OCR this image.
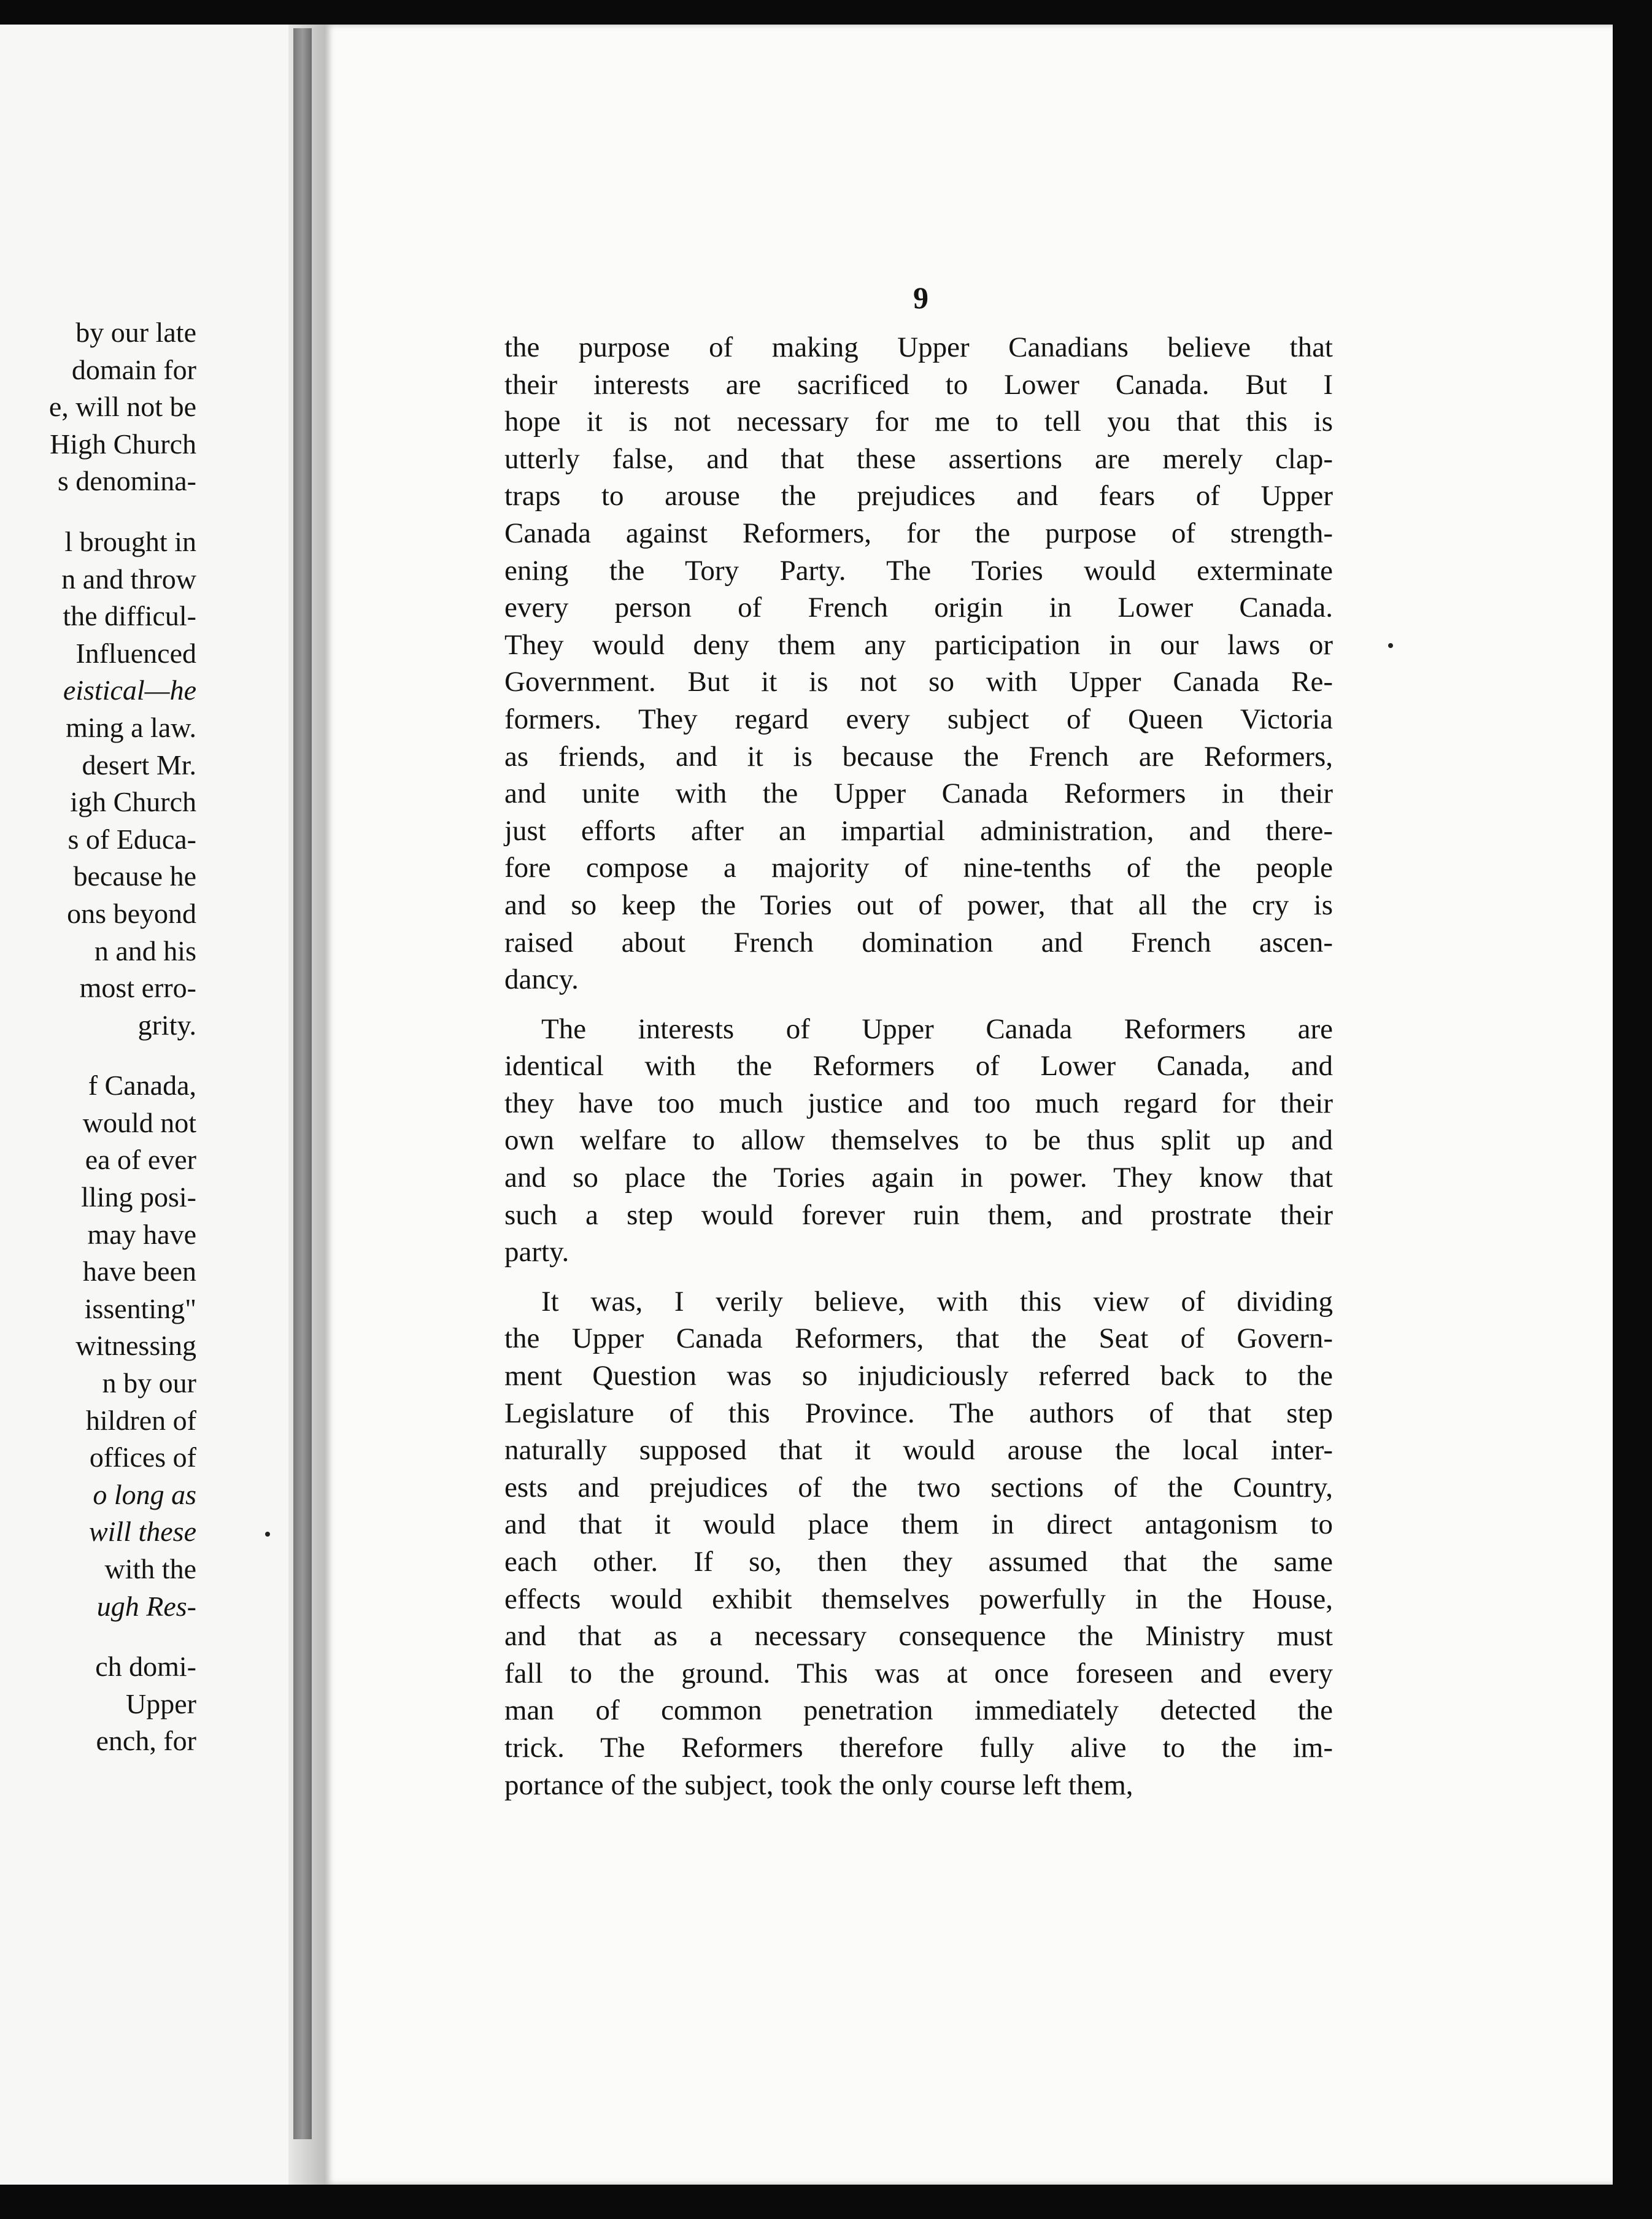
by our late
domain for
e, will not be
High Church
s denomina-
l brought in
n and throw
the difficul-
Influenced
eistical—he
ming a law.
desert Mr.
igh Church
s of Educa-
because he
ons beyond
n and his
most erro-
grity.
f Canada,
would not
ea of ever
lling posi-
may have
have been
issenting"
witnessing
n by our
hildren of
offices of
o long as
will these
with the
ugh Res-
ch domi-
Upper
ench, for
9
the purpose of making Upper Canadians believe that
their interests are sacrificed to Lower Canada. But I
hope it is not necessary for me to tell you that this is
utterly false, and that these assertions are merely clap-
traps to arouse the prejudices and fears of Upper
Canada against Reformers, for the purpose of strength-
ening the Tory Party. The Tories would exterminate
every person of French origin in Lower Canada.
They would deny them any participation in our laws or
Government. But it is not so with Upper Canada Re-
formers. They regard every subject of Queen Victoria
as friends, and it is because the French are Reformers,
and unite with the Upper Canada Reformers in their
just efforts after an impartial administration, and there-
fore compose a majority of nine-tenths of the people
and so keep the Tories out of power, that all the cry is
raised about French domination and French ascen-
dancy.
The interests of Upper Canada Reformers are
identical with the Reformers of Lower Canada, and
they have too much justice and too much regard for their
own welfare to allow themselves to be thus split up and
and so place the Tories again in power. They know that
such a step would forever ruin them, and prostrate their
party.
It was, I verily believe, with this view of dividing
the Upper Canada Reformers, that the Seat of Govern-
ment Question was so injudiciously referred back to the
Legislature of this Province. The authors of that step
naturally supposed that it would arouse the local inter-
ests and prejudices of the two sections of the Country,
and that it would place them in direct antagonism to
each other. If so, then they assumed that the same
effects would exhibit themselves powerfully in the House,
and that as a necessary consequence the Ministry must
fall to the ground. This was at once foreseen and every
man of common penetration immediately detected the
trick. The Reformers therefore fully alive to the im-
portance of the subject, took the only course left them,
